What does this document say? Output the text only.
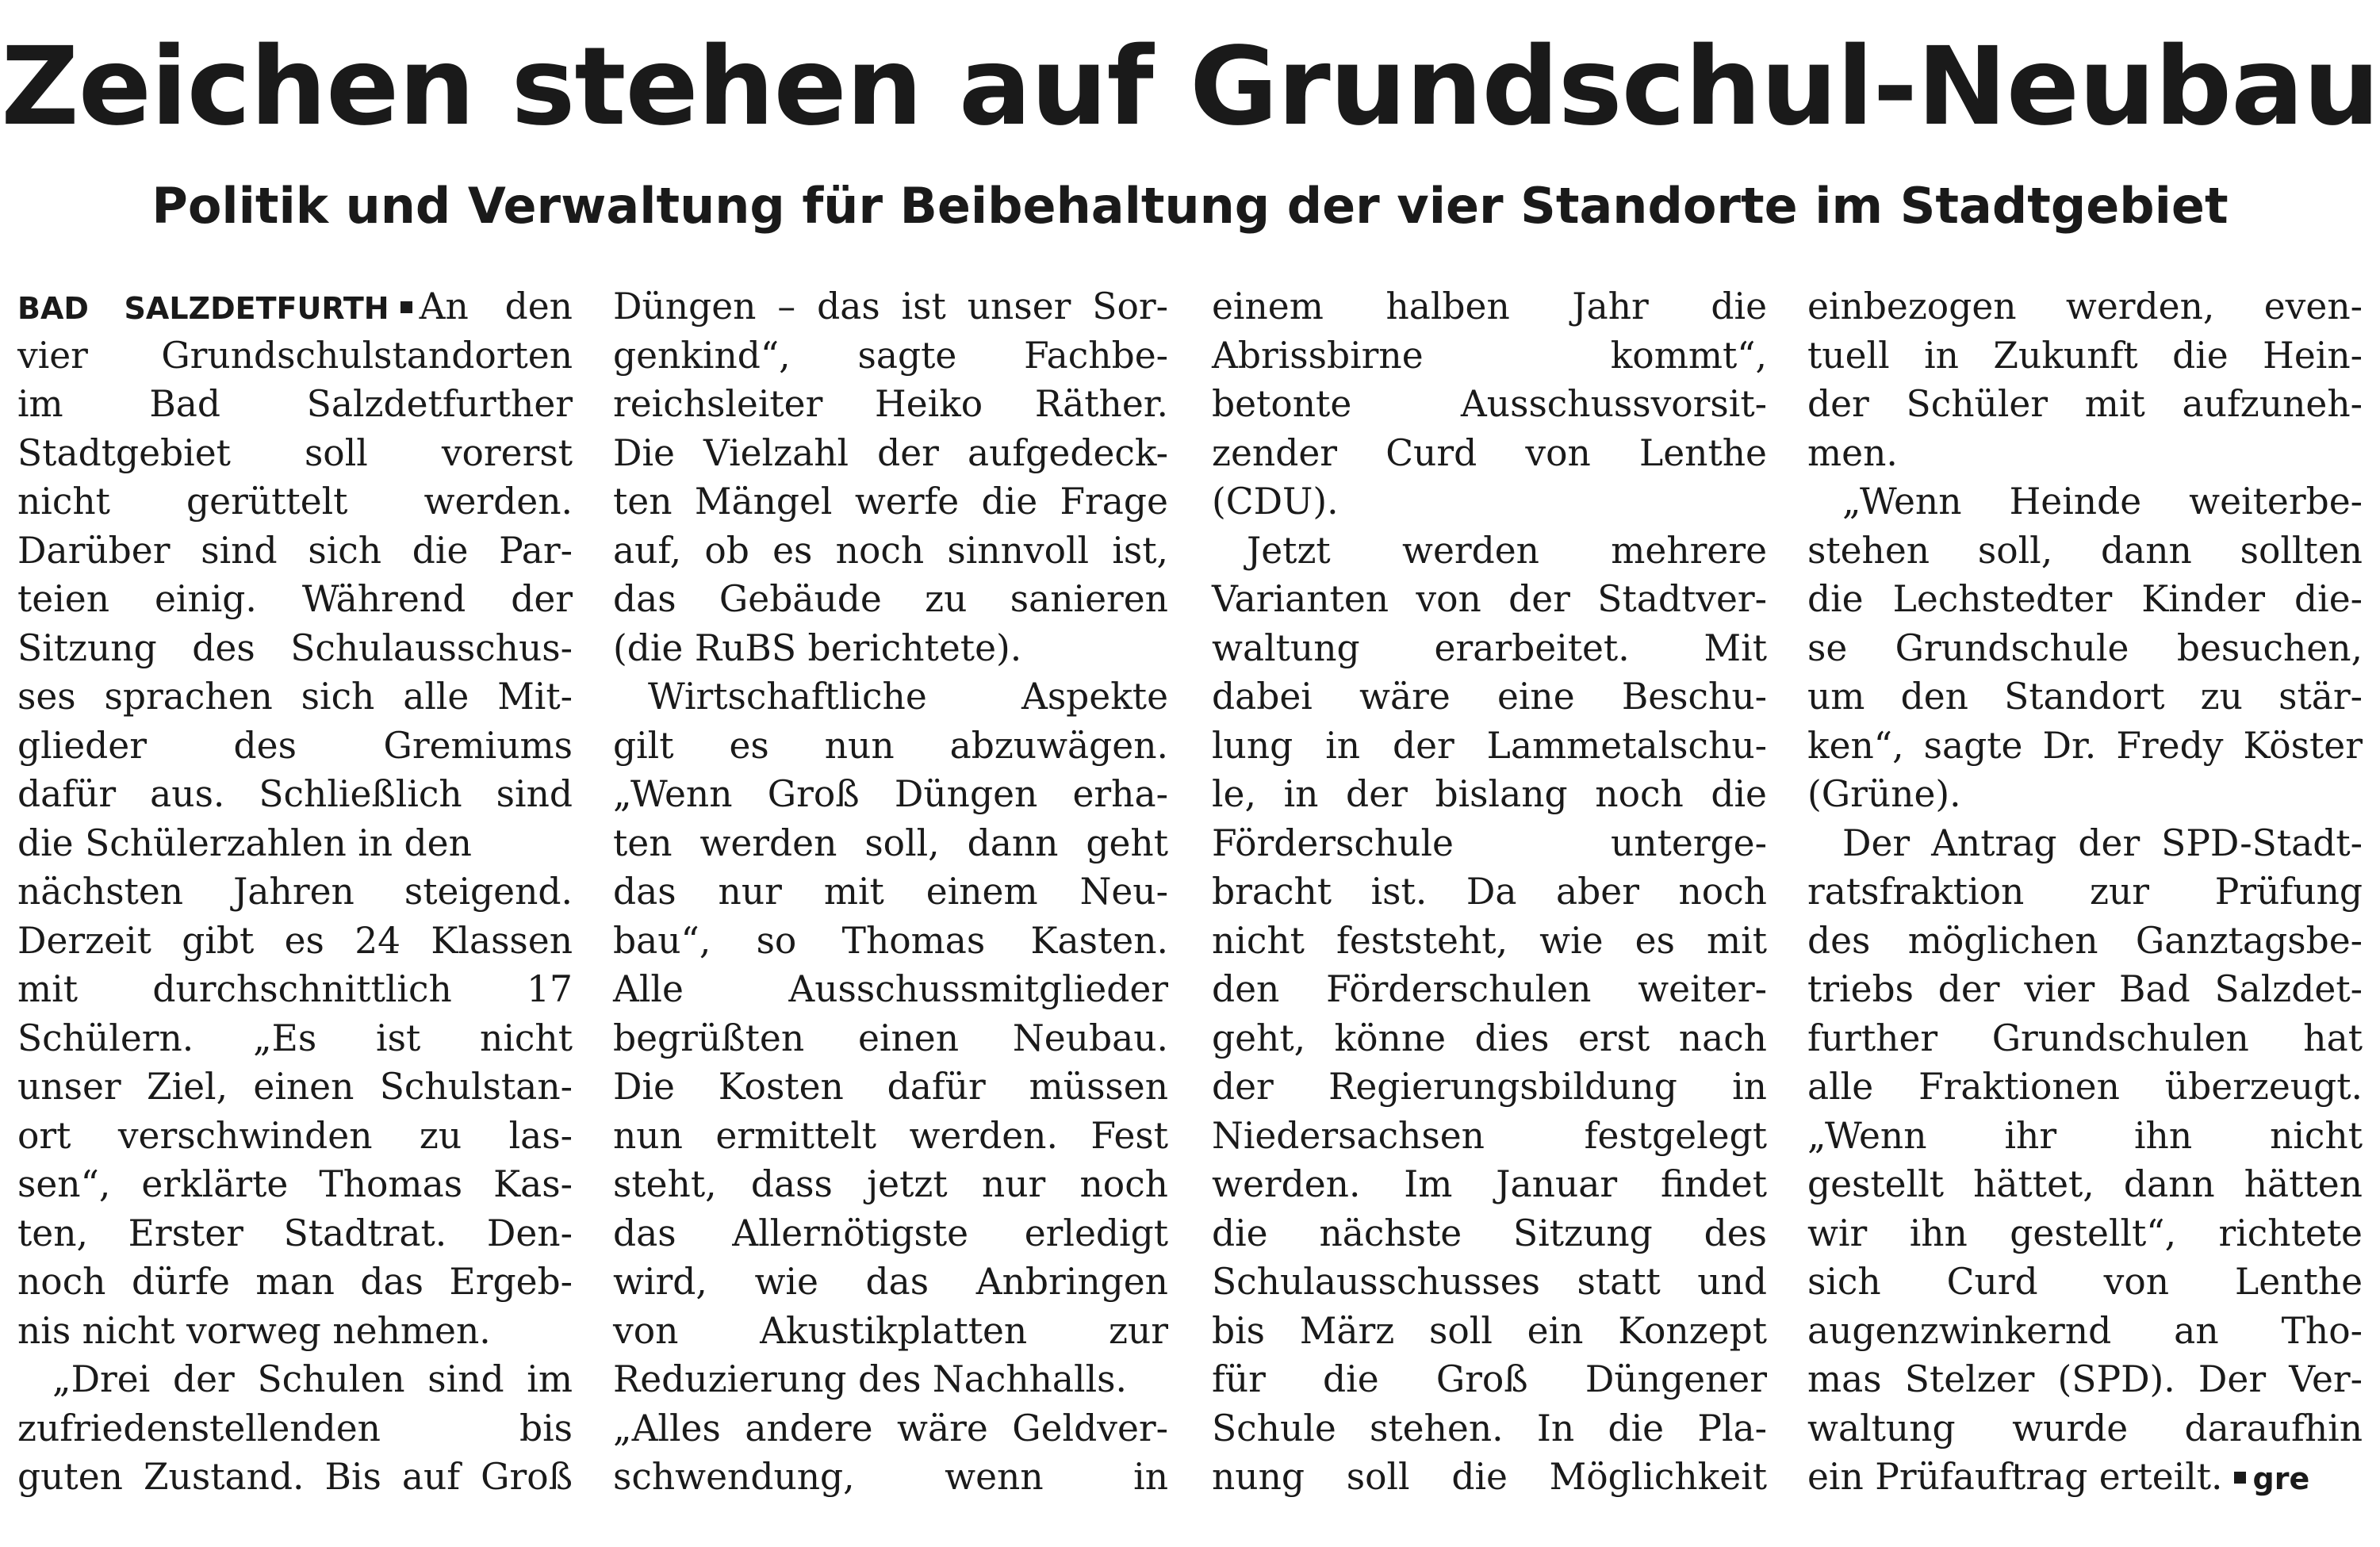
Zeichen stehen auf Grundschul-Neubau
Politik und Verwaltung für Beibehaltung der vier Standorte im Stadtgebiet
BAD SALZDETFURTH An den
vier Grundschulstandorten
im Bad Salzdetfurther
Stadtgebiet soll vorerst
nicht gerüttelt werden.
Darüber sind sich die Par-
teien einig. Während der
Sitzung des Schulausschus-
ses sprachen sich alle Mit-
glieder des Gremiums
dafür aus. Schließlich sind
die Schülerzahlen in den
nächsten Jahren steigend.
Derzeit gibt es 24 Klassen
mit durchschnittlich 17
Schülern. „Es ist nicht
unser Ziel, einen Schulstan-
ort verschwinden zu las-
sen“, erklärte Thomas Kas-
ten, Erster Stadtrat. Den-
noch dürfe man das Ergeb-
nis nicht vorweg nehmen.
„Drei der Schulen sind im
zufriedenstellenden bis
guten Zustand. Bis auf Groß
Düngen – das ist unser Sor-
genkind“, sagte Fachbe-
reichsleiter Heiko Räther.
Die Vielzahl der aufgedeck-
ten Mängel werfe die Frage
auf, ob es noch sinnvoll ist,
das Gebäude zu sanieren
(die RuBS berichtete).
Wirtschaftliche Aspekte
gilt es nun abzuwägen.
„Wenn Groß Düngen erha-
ten werden soll, dann geht
das nur mit einem Neu-
bau“, so Thomas Kasten.
Alle Ausschussmitglieder
begrüßten einen Neubau.
Die Kosten dafür müssen
nun ermittelt werden. Fest
steht, dass jetzt nur noch
das Allernötigste erledigt
wird, wie das Anbringen
von Akustikplatten zur
Reduzierung des Nachhalls.
„Alles andere wäre Geldver-
schwendung, wenn in
einem halben Jahr die
Abrissbirne kommt“,
betonte Ausschussvorsit-
zender Curd von Lenthe
(CDU).
Jetzt werden mehrere
Varianten von der Stadtver-
waltung erarbeitet. Mit
dabei wäre eine Beschu-
lung in der Lammetalschu-
le, in der bislang noch die
Förderschule unterge-
bracht ist. Da aber noch
nicht feststeht, wie es mit
den Förderschulen weiter-
geht, könne dies erst nach
der Regierungsbildung in
Niedersachsen festgelegt
werden. Im Januar findet
die nächste Sitzung des
Schulausschusses statt und
bis März soll ein Konzept
für die Groß Düngener
Schule stehen. In die Pla-
nung soll die Möglichkeit
einbezogen werden, even-
tuell in Zukunft die Hein-
der Schüler mit aufzuneh-
men.
„Wenn Heinde weiterbe-
stehen soll, dann sollten
die Lechstedter Kinder die-
se Grundschule besuchen,
um den Standort zu stär-
ken“, sagte Dr. Fredy Köster
(Grüne).
Der Antrag der SPD-Stadt-
ratsfraktion zur Prüfung
des möglichen Ganztagsbe-
triebs der vier Bad Salzdet-
further Grundschulen hat
alle Fraktionen überzeugt.
„Wenn ihr ihn nicht
gestellt hättet, dann hätten
wir ihn gestellt“, richtete
sich Curd von Lenthe
augenzwinkernd an Tho-
mas Stelzer (SPD). Der Ver-
waltung wurde daraufhin
ein Prüfauftrag erteilt. gre
